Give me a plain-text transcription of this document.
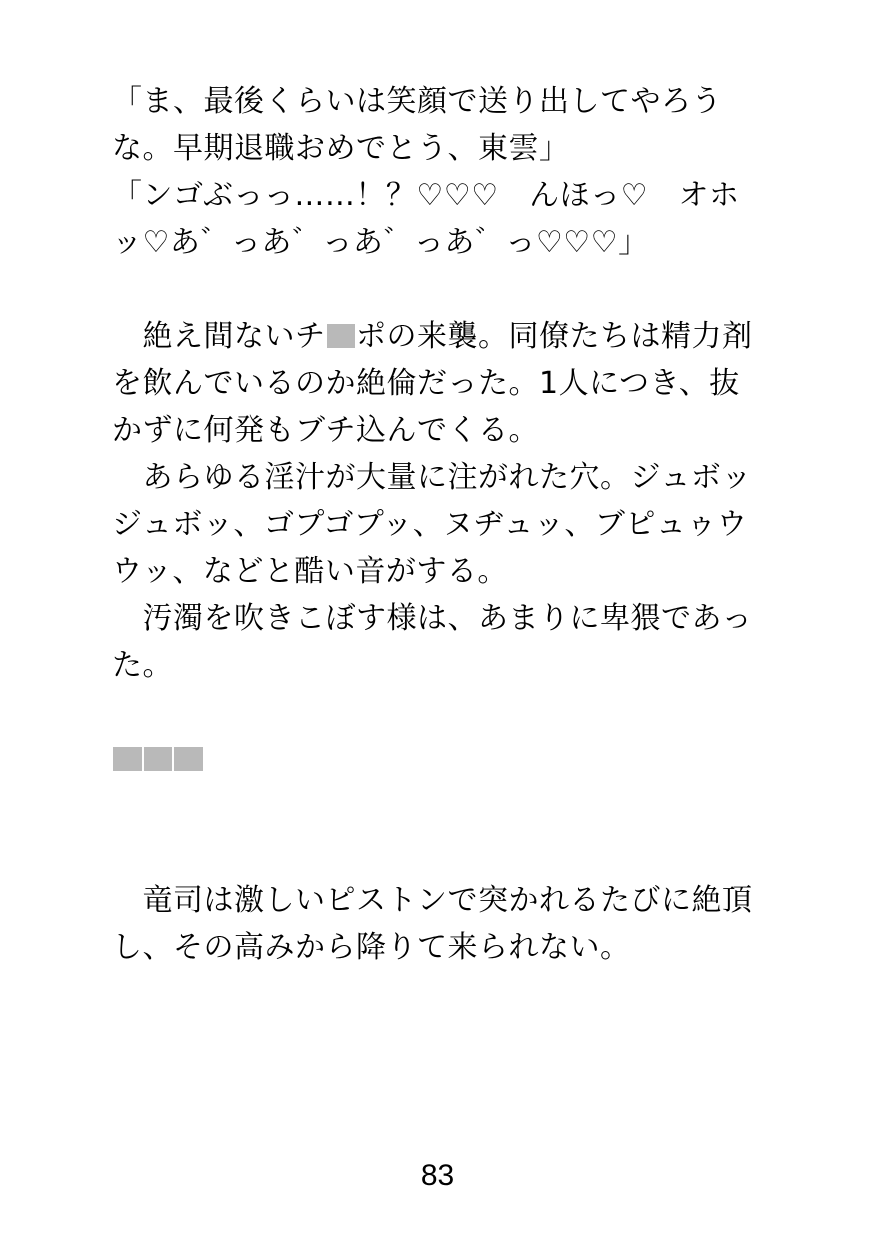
「ま、最後くらいは笑顔で送り出してやろうな。早期退職おめでとう、東雲」

「ンゴぶっっ……！？♡♡♡　んほっ♡　オホッ♡あ゛っあ゛っあ゛っあ゛っ♡♡♡」

　絶え間ないチ ポの来襲。同僚たちは精力剤を飲んでいるのか絶倫だった。1人につき、抜かずに何発もブチ込んでくる。

　あらゆる淫汁が大量に注がれた穴。ジュボッジュボッ、ゴプゴプッ、ヌヂュッ、ブピュゥウウッ、などと酷い音がする。

　汚濁を吹きこぼす様は、あまりに卑猥であった。

　竜司は激しいピストンで突かれるたびに絶頂し、その高みから降りて来られない。

83
